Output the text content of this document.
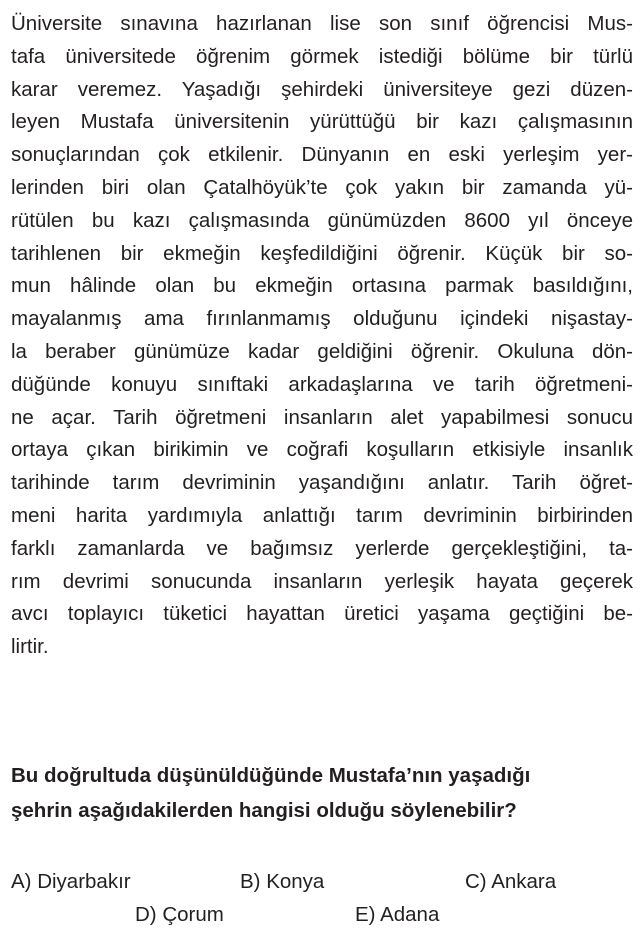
Üniversite sınavına hazırlanan lise son sınıf öğrencisi Mus-
tafa üniversitede öğrenim görmek istediği bölüme bir türlü
karar veremez. Yaşadığı şehirdeki üniversiteye gezi düzen-
leyen Mustafa üniversitenin yürüttüğü bir kazı çalışmasının
sonuçlarından çok etkilenir. Dünyanın en eski yerleşim yer-
lerinden biri olan Çatalhöyük’te çok yakın bir zamanda yü-
rütülen bu kazı çalışmasında günümüzden 8600 yıl önceye
tarihlenen bir ekmeğin keşfedildiğini öğrenir. Küçük bir so-
mun hâlinde olan bu ekmeğin ortasına parmak basıldığını,
mayalanmış ama fırınlanmamış olduğunu içindeki nişastay-
la beraber günümüze kadar geldiğini öğrenir. Okuluna dön-
düğünde konuyu sınıftaki arkadaşlarına ve tarih öğretmeni-
ne açar. Tarih öğretmeni insanların alet yapabilmesi sonucu
ortaya çıkan birikimin ve coğrafi koşulların etkisiyle insanlık
tarihinde tarım devriminin yaşandığını anlatır. Tarih öğret-
meni harita yardımıyla anlattığı tarım devriminin birbirinden
farklı zamanlarda ve bağımsız yerlerde gerçekleştiğini, ta-
rım devrimi sonucunda insanların yerleşik hayata geçerek
avcı toplayıcı tüketici hayattan üretici yaşama geçtiğini be-
lirtir.
Bu doğrultuda düşünüldüğünde Mustafa’nın yaşadığı
şehrin aşağıdakilerden hangisi olduğu söylenebilir?
A) Diyarbakır	B) Konya	C) Ankara
D) Çorum	E) Adana
